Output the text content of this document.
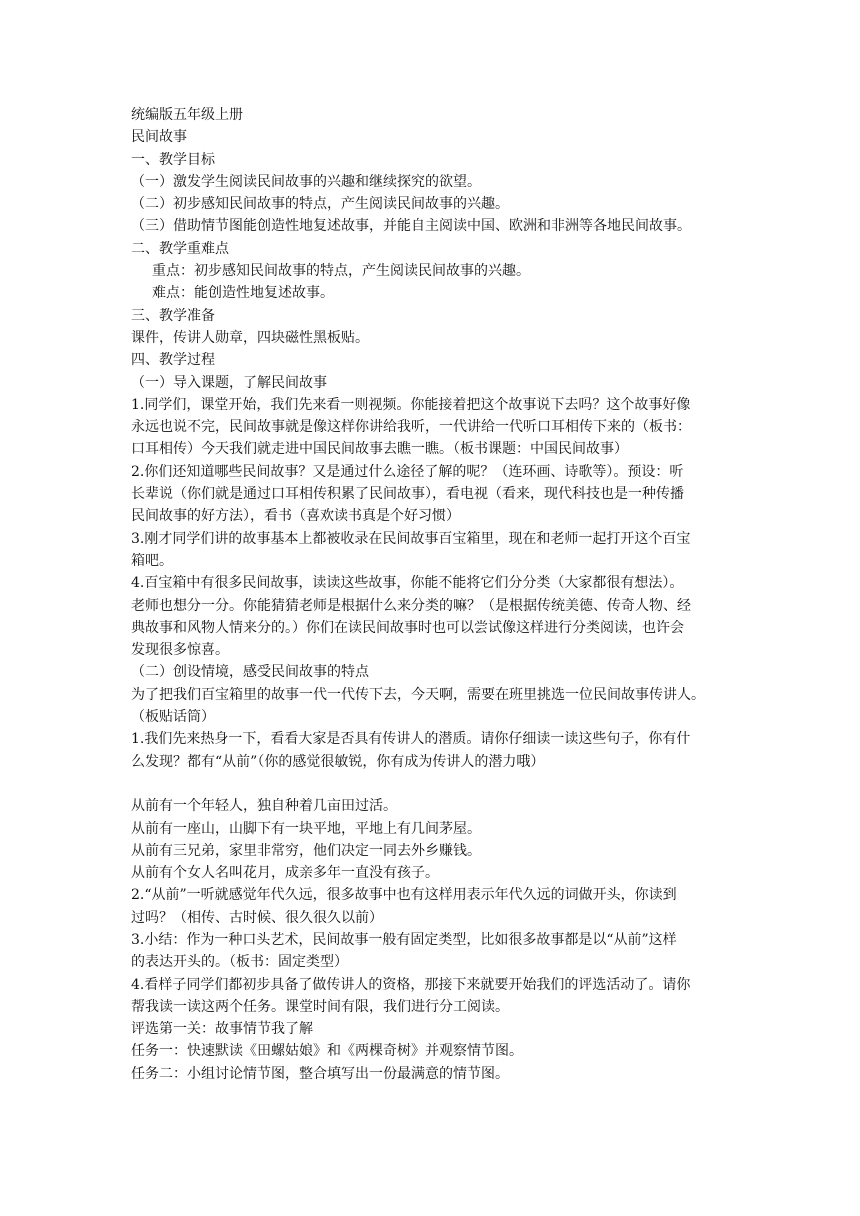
统编版五年级上册
民间故事
一、教学目标
（一）激发学生阅读民间故事的兴趣和继续探究的欲望。
（二）初步感知民间故事的特点，产生阅读民间故事的兴趣。
（三）借助情节图能创造性地复述故事，并能自主阅读中国、欧洲和非洲等各地民间故事。
二、教学重难点
重点：初步感知民间故事的特点，产生阅读民间故事的兴趣。
难点：能创造性地复述故事。
三、教学准备
课件，传讲人勋章，四块磁性黑板贴。
四、教学过程
（一）导入课题，了解民间故事
1.同学们，课堂开始，我们先来看一则视频。你能接着把这个故事说下去吗？这个故事好像
永远也说不完，民间故事就是像这样你讲给我听，一代讲给一代听口耳相传下来的（板书：
口耳相传）今天我们就走进中国民间故事去瞧一瞧。（板书课题：中国民间故事）
2.你们还知道哪些民间故事？又是通过什么途径了解的呢？（连环画、诗歌等）。预设：听
长辈说（你们就是通过口耳相传积累了民间故事），看电视（看来，现代科技也是一种传播
民间故事的好方法），看书（喜欢读书真是个好习惯）
3.刚才同学们讲的故事基本上都被收录在民间故事百宝箱里，现在和老师一起打开这个百宝
箱吧。
4.百宝箱中有很多民间故事，读读这些故事，你能不能将它们分分类（大家都很有想法）。
老师也想分一分。你能猜猜老师是根据什么来分类的嘛？（是根据传统美德、传奇人物、经
典故事和风物人情来分的。）你们在读民间故事时也可以尝试像这样进行分类阅读，也许会
发现很多惊喜。
（二）创设情境，感受民间故事的特点
为了把我们百宝箱里的故事一代一代传下去，今天啊，需要在班里挑选一位民间故事传讲人。
（板贴话筒）
1.我们先来热身一下，看看大家是否具有传讲人的潜质。请你仔细读一读这些句子，你有什
么发现？都有“从前”（你的感觉很敏锐，你有成为传讲人的潜力哦）
从前有一个年轻人，独自种着几亩田过活。
从前有一座山，山脚下有一块平地，平地上有几间茅屋。
从前有三兄弟，家里非常穷，他们决定一同去外乡赚钱。
从前有个女人名叫花月，成亲多年一直没有孩子。
2.“从前”一听就感觉年代久远，很多故事中也有这样用表示年代久远的词做开头，你读到
过吗？（相传、古时候、很久很久以前）
3.小结：作为一种口头艺术，民间故事一般有固定类型，比如很多故事都是以“从前”这样
的表达开头的。（板书：固定类型）
4.看样子同学们都初步具备了做传讲人的资格，那接下来就要开始我们的评选活动了。请你
帮我读一读这两个任务。课堂时间有限，我们进行分工阅读。
评选第一关：故事情节我了解
任务一：快速默读《田螺姑娘》和《两棵奇树》并观察情节图。
任务二：小组讨论情节图，整合填写出一份最满意的情节图。
